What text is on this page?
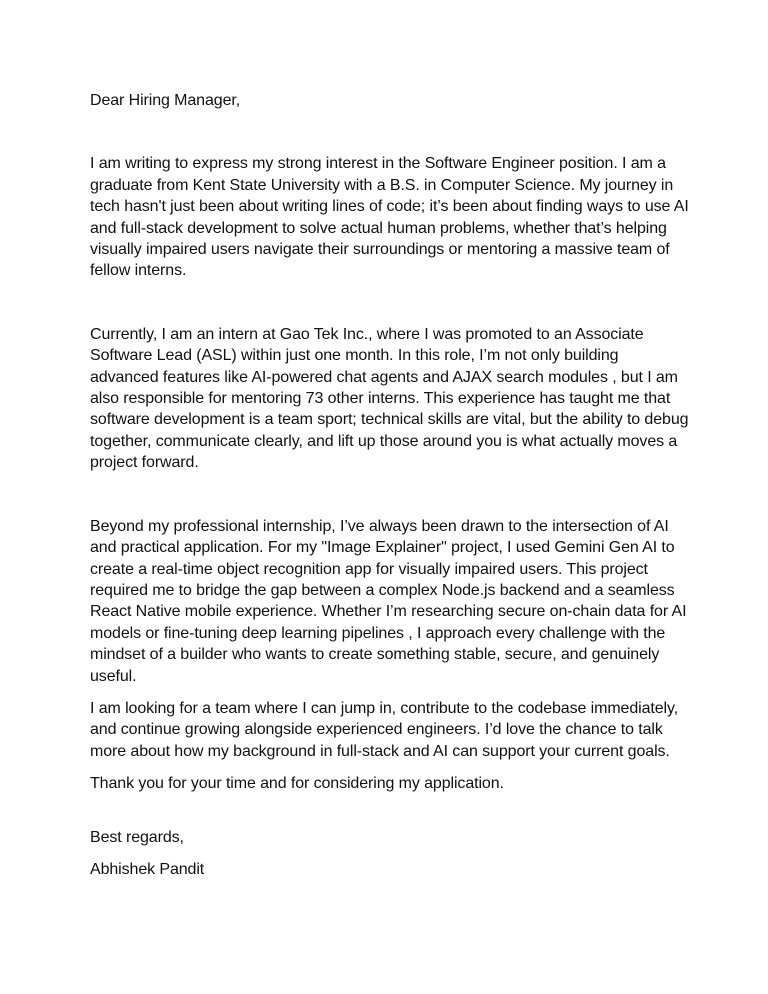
Dear Hiring Manager,

I am writing to express my strong interest in the Software Engineer position. I am a graduate from Kent State University with a B.S. in Computer Science. My journey in tech hasn't just been about writing lines of code; it’s been about finding ways to use AI and full-stack development to solve actual human problems, whether that’s helping visually impaired users navigate their surroundings or mentoring a massive team of fellow interns.

Currently, I am an intern at Gao Tek Inc., where I was promoted to an Associate Software Lead (ASL) within just one month. In this role, I’m not only building advanced features like AI-powered chat agents and AJAX search modules , but I am also responsible for mentoring 73 other interns. This experience has taught me that software development is a team sport; technical skills are vital, but the ability to debug together, communicate clearly, and lift up those around you is what actually moves a project forward.

Beyond my professional internship, I’ve always been drawn to the intersection of AI and practical application. For my "Image Explainer" project, I used Gemini Gen AI to create a real-time object recognition app for visually impaired users. This project required me to bridge the gap between a complex Node.js backend and a seamless React Native mobile experience. Whether I’m researching secure on-chain data for AI models or fine-tuning deep learning pipelines , I approach every challenge with the mindset of a builder who wants to create something stable, secure, and genuinely useful.

I am looking for a team where I can jump in, contribute to the codebase immediately, and continue growing alongside experienced engineers. I’d love the chance to talk more about how my background in full-stack and AI can support your current goals.

Thank you for your time and for considering my application.

Best regards,

Abhishek Pandit
